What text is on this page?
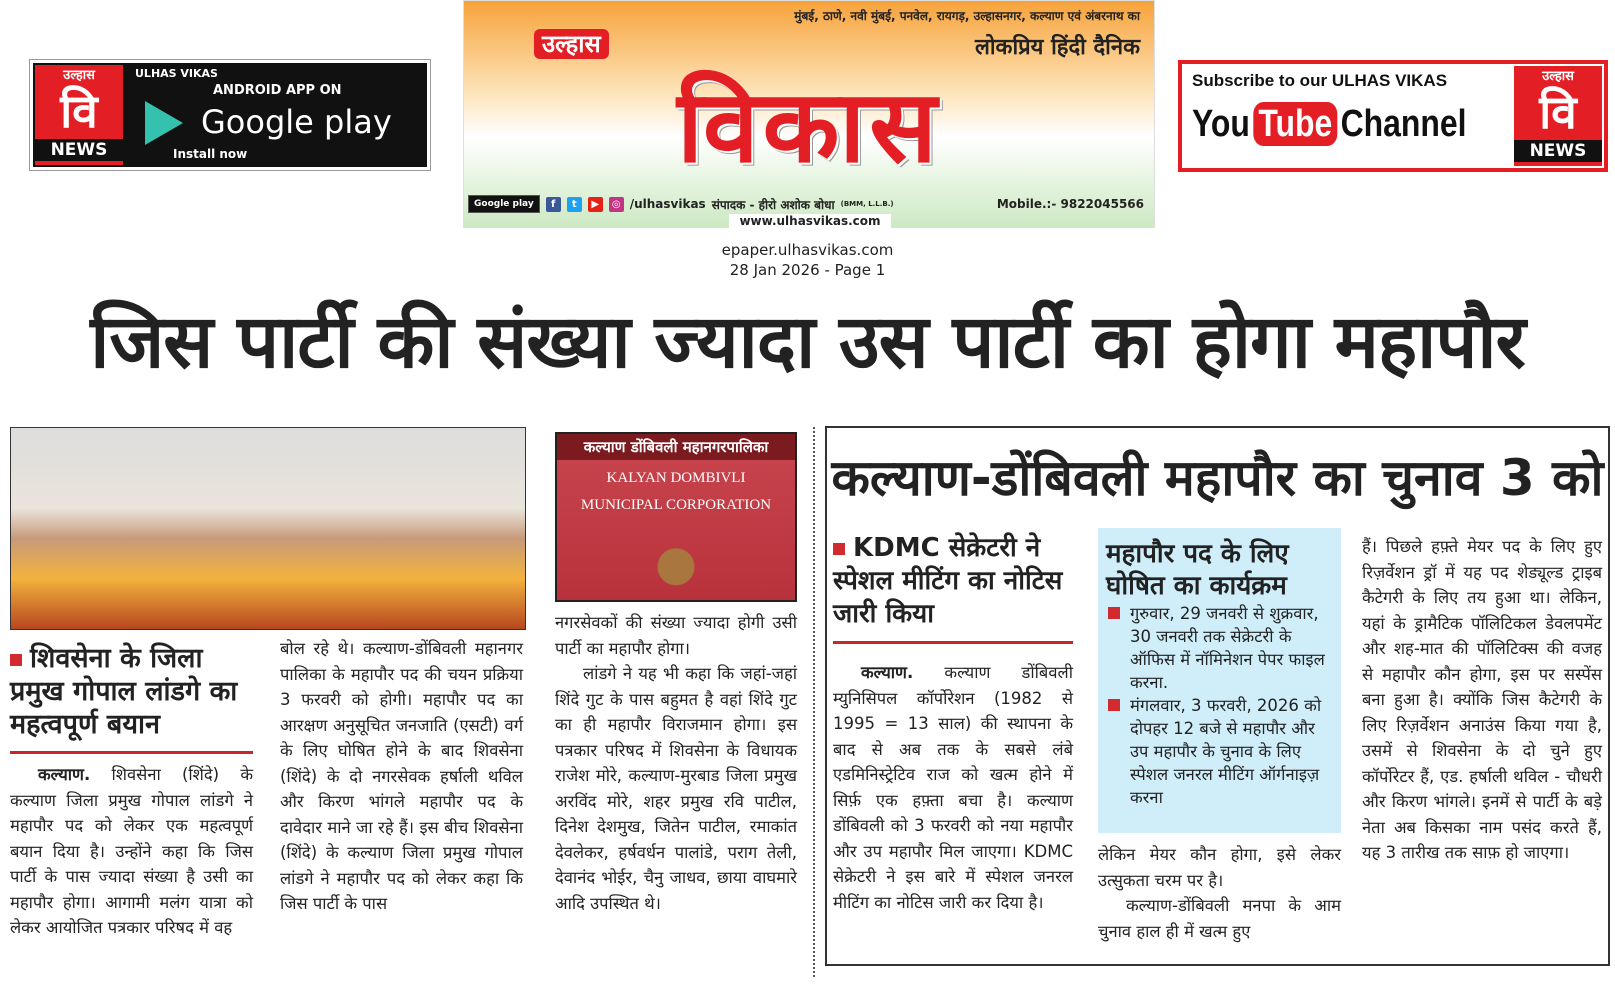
उल्हास
वि
NEWS
ULHAS VIKAS
ANDROID APP ON
Google play
Install now
मुंबई, ठाणे, नवी मुंबई, पनवेल, रायगड़, उल्हासनगर, कल्याण एवं अंबरनाथ का
लोकप्रिय हिंदी दैनिक
उल्हास
विकास
Google play	f	t	▶	◎ /ulhasvikas संपादक - हीरो अशोक बोधा (BMM, L.L.B.)	Mobile.:- 9822045566
www.ulhasvikas.com
Subscribe to our ULHAS VIKAS
You Tube Channel
उल्हास
वि
NEWS
epaper.ulhasvikas.com
28 Jan 2026 - Page 1
जिस पार्टी की संख्या ज्यादा उस पार्टी का होगा महापौर
कल्याण डोंबिवली महानगरपालिका
KALYAN DOMBIVLI
MUNICIPAL CORPORATION
शिवसेना के जिला प्रमुख गोपाल लांडगे का महत्वपूर्ण बयान

कल्याण. शिवसेना (शिंदे) के कल्याण जिला प्रमुख गोपाल लांडगे ने महापौर पद को लेकर एक महत्वपूर्ण बयान दिया है। उन्होंने कहा कि जिस पार्टी के पास ज्यादा संख्या है उसी का महापौर होगा। आगामी मलंग यात्रा को लेकर आयोजित पत्रकार परिषद में वह

बोल रहे थे। कल्याण-डोंबिवली महानगर पालिका के महापौर पद की चयन प्रक्रिया 3 फरवरी को होगी। महापौर पद का आरक्षण अनुसूचित जनजाति (एसटी) वर्ग के लिए घोषित होने के बाद शिवसेना (शिंदे) के दो नगरसेवक हर्षाली थविल और किरण भांगले महापौर पद के दावेदार माने जा रहे हैं। इस बीच शिवसेना (शिंदे) के कल्याण जिला प्रमुख गोपाल लांडगे ने महापौर पद को लेकर कहा कि जिस पार्टी के पास

नगरसेवकों की संख्या ज्यादा होगी उसी पार्टी का महापौर होगा।

लांडगे ने यह भी कहा कि जहां-जहां शिंदे गुट के पास बहुमत है वहां शिंदे गुट का ही महापौर विराजमान होगा। इस पत्रकार परिषद में शिवसेना के विधायक राजेश मोरे, कल्याण-मुरबाड जिला प्रमुख अरविंद मोरे, शहर प्रमुख रवि पाटील, दिनेश देशमुख, जितेन पाटील, रमाकांत देवलेकर, हर्षवर्धन पालांडे, पराग तेली, देवानंद भोईर, चैनु जाधव, छाया वाघमारे आदि उपस्थित थे।

कल्याण-डोंबिवली महापौर का चुनाव 3 को
KDMC सेक्रेटरी ने स्पेशल मीटिंग का नोटिस जारी किया

कल्याण. कल्याण डोंबिवली म्युनिसिपल कॉर्पोरेशन (1982 से 1995 = 13 साल) की स्थापना के बाद से अब तक के सबसे लंबे एडमिनिस्ट्रेटिव राज को खत्म होने में सिर्फ़ एक हफ़्ता बचा है। कल्याण डोंबिवली को 3 फरवरी को नया महापौर और उप महापौर मिल जाएगा। KDMC सेक्रेटरी ने इस बारे में स्पेशल जनरल मीटिंग का नोटिस जारी कर दिया है।

महापौर पद के लिए घोषित का कार्यक्रम
गुरुवार, 29 जनवरी से शुक्रवार, 30 जनवरी तक सेक्रेटरी के ऑफिस में नॉमिनेशन पेपर फाइल करना.
मंगलवार, 3 फरवरी, 2026 को दोपहर 12 बजे से महापौर और उप महापौर के चुनाव के लिए स्पेशल जनरल मीटिंग ऑर्गनाइज़ करना

लेकिन मेयर कौन होगा, इसे लेकर उत्सुकता चरम पर है।

कल्याण-डोंबिवली मनपा के आम चुनाव हाल ही में खत्म हुए

हैं। पिछले हफ़्ते मेयर पद के लिए हुए रिज़र्वेशन ड्रॉ में यह पद शेड्यूल्ड ट्राइब कैटेगरी के लिए तय हुआ था। लेकिन, यहां के ड्रामैटिक पॉलिटिकल डेवलपमेंट और शह-मात की पॉलिटिक्स की वजह से महापौर कौन होगा, इस पर सस्पेंस बना हुआ है। क्योंकि जिस कैटेगरी के लिए रिज़र्वेशन अनाउंस किया गया है, उसमें से शिवसेना के दो चुने हुए कॉर्पोरेटर हैं, एड. हर्षाली थविल - चौधरी और किरण भांगले। इनमें से पार्टी के बड़े नेता अब किसका नाम पसंद करते हैं, यह 3 तारीख तक साफ़ हो जाएगा।
